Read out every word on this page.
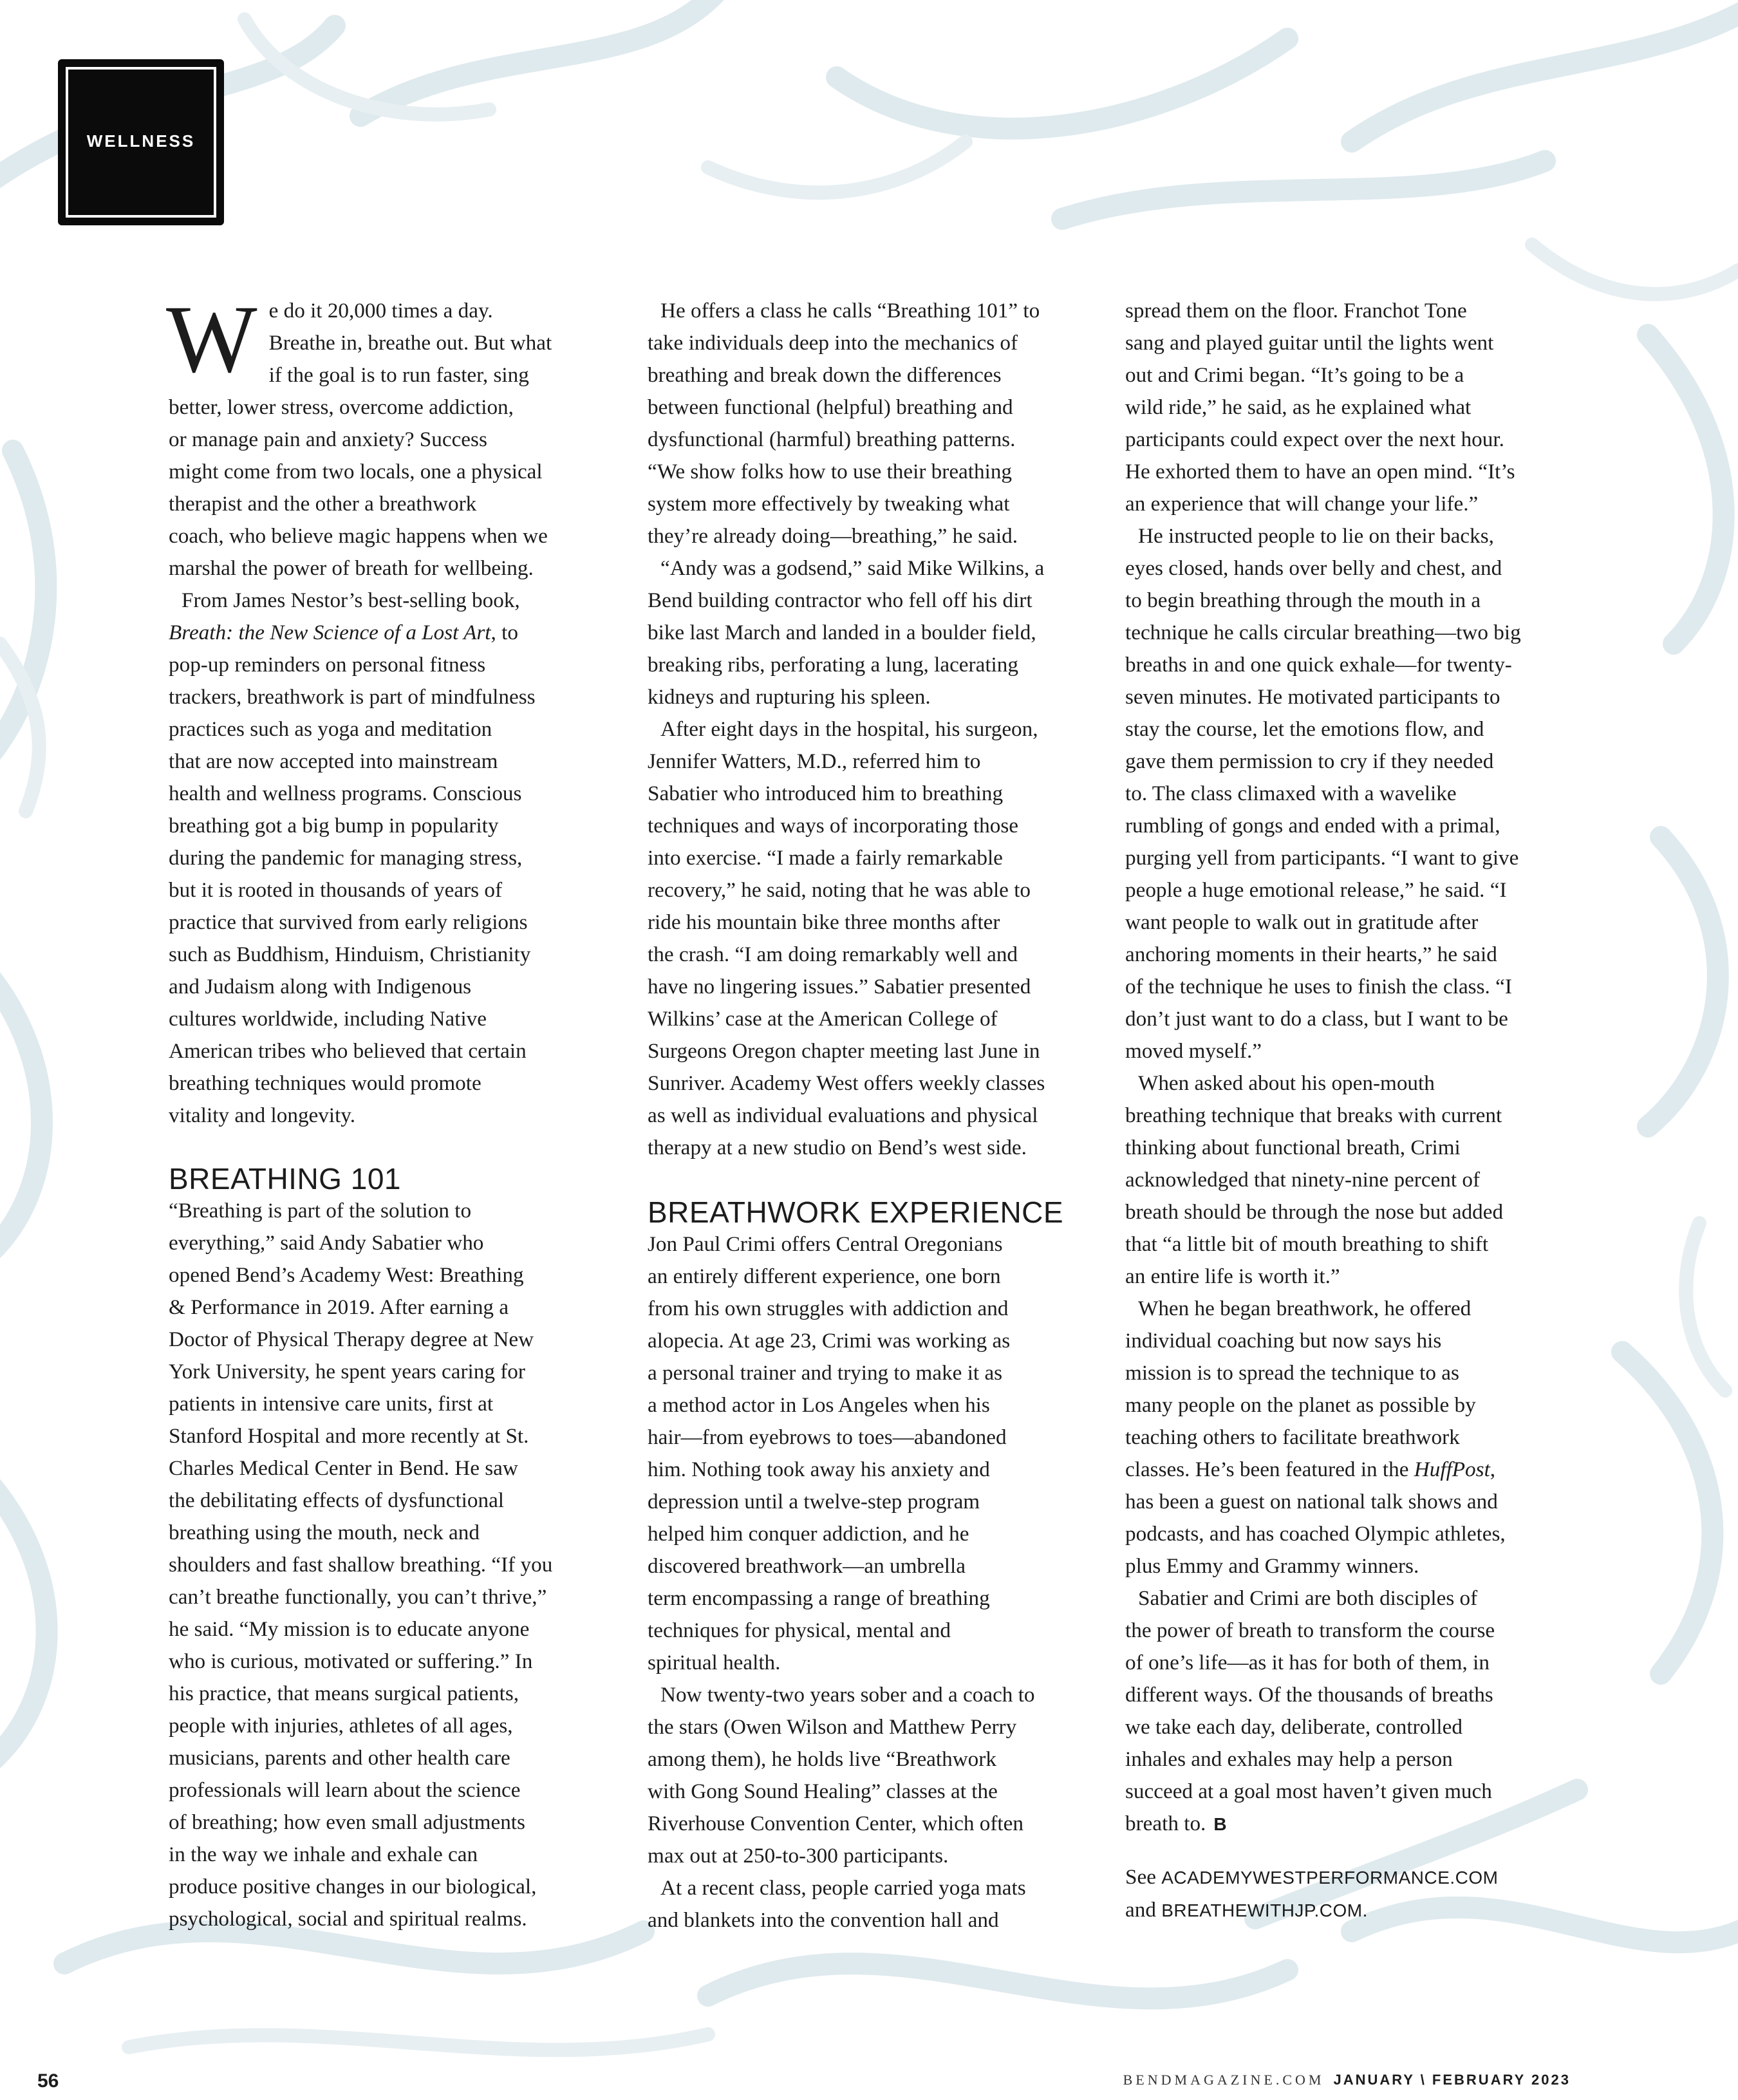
WELLNESS

W e do it 20,000 times a day.
Breathe in, breathe out. But what
if the goal is to run faster, sing
better, lower stress, overcome addiction,
or manage pain and anxiety? Success
might come from two locals, one a physical
therapist and the other a breathwork
coach, who believe magic happens when we
marshal the power of breath for wellbeing.

From James Nestor’s best-selling book,
Breath: the New Science of a Lost Art, to
pop-up reminders on personal fitness
trackers, breathwork is part of mindfulness
practices such as yoga and meditation
that are now accepted into mainstream
health and wellness programs. Conscious
breathing got a big bump in popularity
during the pandemic for managing stress,
but it is rooted in thousands of years of
practice that survived from early religions
such as Buddhism, Hinduism, Christianity
and Judaism along with Indigenous
cultures worldwide, including Native
American tribes who believed that certain
breathing techniques would promote
vitality and longevity.

BREATHING 101

“Breathing is part of the solution to
everything,” said Andy Sabatier who
opened Bend’s Academy West: Breathing
& Performance in 2019. After earning a
Doctor of Physical Therapy degree at New
York University, he spent years caring for
patients in intensive care units, first at
Stanford Hospital and more recently at St.
Charles Medical Center in Bend. He saw
the debilitating effects of dysfunctional
breathing using the mouth, neck and
shoulders and fast shallow breathing. “If you
can’t breathe functionally, you can’t thrive,”
he said. “My mission is to educate anyone
who is curious, motivated or suffering.” In
his practice, that means surgical patients,
people with injuries, athletes of all ages,
musicians, parents and other health care
professionals will learn about the science
of breathing; how even small adjustments
in the way we inhale and exhale can
produce positive changes in our biological,
psychological, social and spiritual realms.

He offers a class he calls “Breathing 101” to
take individuals deep into the mechanics of
breathing and break down the differences
between functional (helpful) breathing and
dysfunctional (harmful) breathing patterns.
“We show folks how to use their breathing
system more effectively by tweaking what
they’re already doing—breathing,” he said.

“Andy was a godsend,” said Mike Wilkins, a
Bend building contractor who fell off his dirt
bike last March and landed in a boulder field,
breaking ribs, perforating a lung, lacerating
kidneys and rupturing his spleen.

After eight days in the hospital, his surgeon,
Jennifer Watters, M.D., referred him to
Sabatier who introduced him to breathing
techniques and ways of incorporating those
into exercise. “I made a fairly remarkable
recovery,” he said, noting that he was able to
ride his mountain bike three months after
the crash. “I am doing remarkably well and
have no lingering issues.” Sabatier presented
Wilkins’ case at the American College of
Surgeons Oregon chapter meeting last June in
Sunriver. Academy West offers weekly classes
as well as individual evaluations and physical
therapy at a new studio on Bend’s west side.

BREATHWORK EXPERIENCE

Jon Paul Crimi offers Central Oregonians
an entirely different experience, one born
from his own struggles with addiction and
alopecia. At age 23, Crimi was working as
a personal trainer and trying to make it as
a method actor in Los Angeles when his
hair—from eyebrows to toes—abandoned
him. Nothing took away his anxiety and
depression until a twelve-step program
helped him conquer addiction, and he
discovered breathwork—an umbrella
term encompassing a range of breathing
techniques for physical, mental and
spiritual health.

Now twenty-two years sober and a coach to
the stars (Owen Wilson and Matthew Perry
among them), he holds live “Breathwork
with Gong Sound Healing” classes at the
Riverhouse Convention Center, which often
max out at 250-to-300 participants.

At a recent class, people carried yoga mats
and blankets into the convention hall and

spread them on the floor. Franchot Tone
sang and played guitar until the lights went
out and Crimi began. “It’s going to be a
wild ride,” he said, as he explained what
participants could expect over the next hour.
He exhorted them to have an open mind. “It’s
an experience that will change your life.”

He instructed people to lie on their backs,
eyes closed, hands over belly and chest, and
to begin breathing through the mouth in a
technique he calls circular breathing—two big
breaths in and one quick exhale—for twenty-
seven minutes. He motivated participants to
stay the course, let the emotions flow, and
gave them permission to cry if they needed
to. The class climaxed with a wavelike
rumbling of gongs and ended with a primal,
purging yell from participants. “I want to give
people a huge emotional release,” he said. “I
want people to walk out in gratitude after
anchoring moments in their hearts,” he said
of the technique he uses to finish the class. “I
don’t just want to do a class, but I want to be
moved myself.”

When asked about his open-mouth
breathing technique that breaks with current
thinking about functional breath, Crimi
acknowledged that ninety-nine percent of
breath should be through the nose but added
that “a little bit of mouth breathing to shift
an entire life is worth it.”

When he began breathwork, he offered
individual coaching but now says his
mission is to spread the technique to as
many people on the planet as possible by
teaching others to facilitate breathwork
classes. He’s been featured in the HuffPost,
has been a guest on national talk shows and
podcasts, and has coached Olympic athletes,
plus Emmy and Grammy winners.

Sabatier and Crimi are both disciples of
the power of breath to transform the course
of one’s life—as it has for both of them, in
different ways. Of the thousands of breaths
we take each day, deliberate, controlled
inhales and exhales may help a person
succeed at a goal most haven’t given much
breath to. B

See ACADEMYWESTPERFORMANCE.COM
and BREATHEWITHJP.COM.
56	BENDMAGAZINE.COM JANUARY \ FEBRUARY 2023
